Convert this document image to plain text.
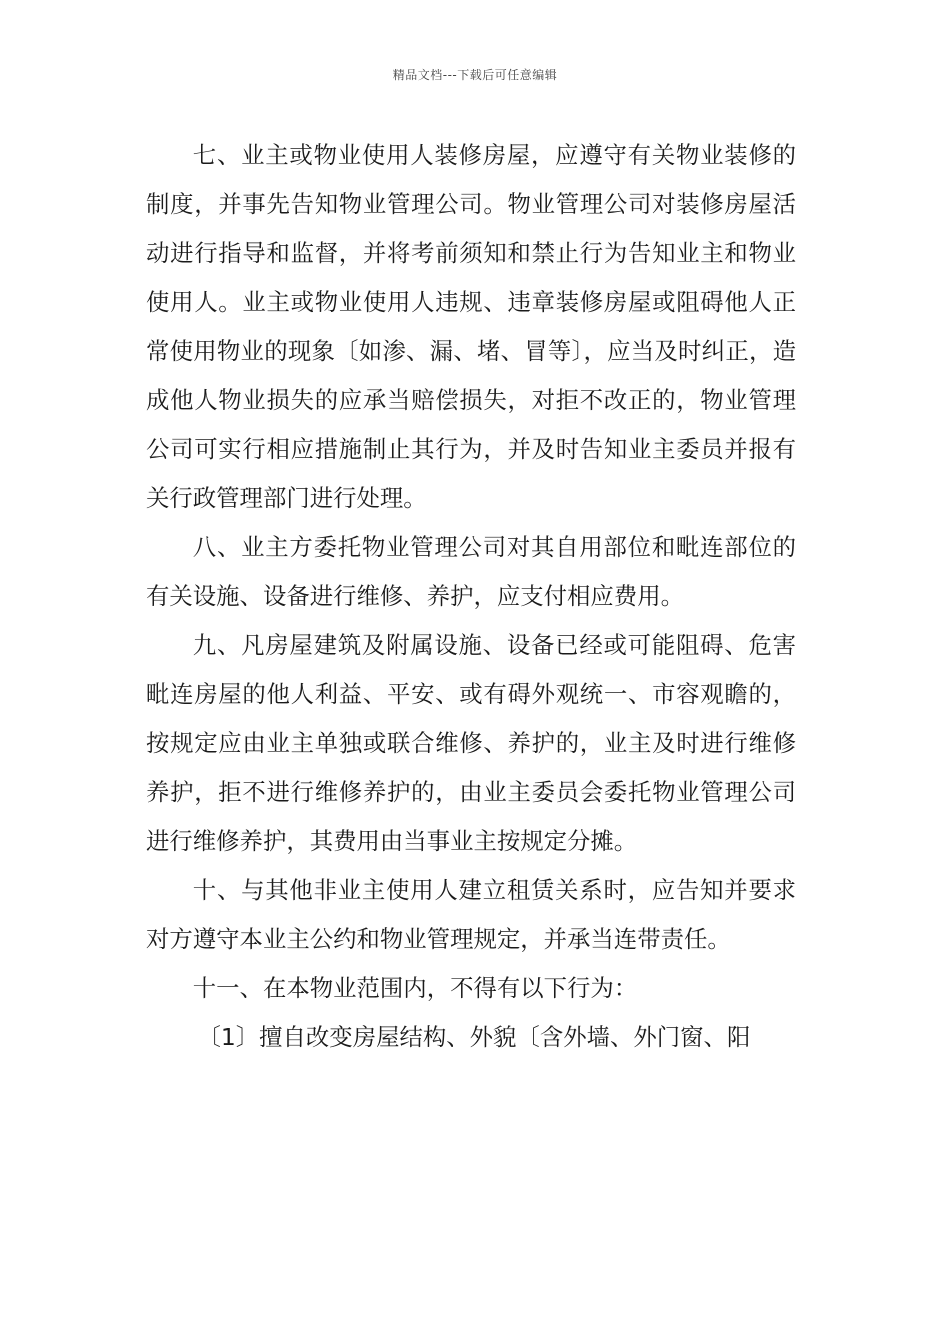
精品文档---下载后可任意编辑

七、业主或物业使用人装修房屋，应遵守有关物业装修的制度，并事先告知物业管理公司。物业管理公司对装修房屋活动进行指导和监督，并将考前须知和禁止行为告知业主和物业使用人。业主或物业使用人违规、违章装修房屋或阻碍他人正常使用物业的现象〔如渗、漏、堵、冒等〕，应当及时纠正，造成他人物业损失的应承当赔偿损失，对拒不改正的，物业管理公司可实行相应措施制止其行为，并及时告知业主委员并报有关行政管理部门进行处理。

八、业主方委托物业管理公司对其自用部位和毗连部位的有关设施、设备进行维修、养护，应支付相应费用。

九、凡房屋建筑及附属设施、设备已经或可能阻碍、危害毗连房屋的他人利益、平安、或有碍外观统一、市容观瞻的，按规定应由业主单独或联合维修、养护的，业主及时进行维修养护，拒不进行维修养护的，由业主委员会委托物业管理公司进行维修养护，其费用由当事业主按规定分摊。

十、与其他非业主使用人建立租赁关系时，应告知并要求对方遵守本业主公约和物业管理规定，并承当连带责任。

十一、在本物业范围内，不得有以下行为：

〔1〕擅自改变房屋结构、外貌〔含外墙、外门窗、阳
